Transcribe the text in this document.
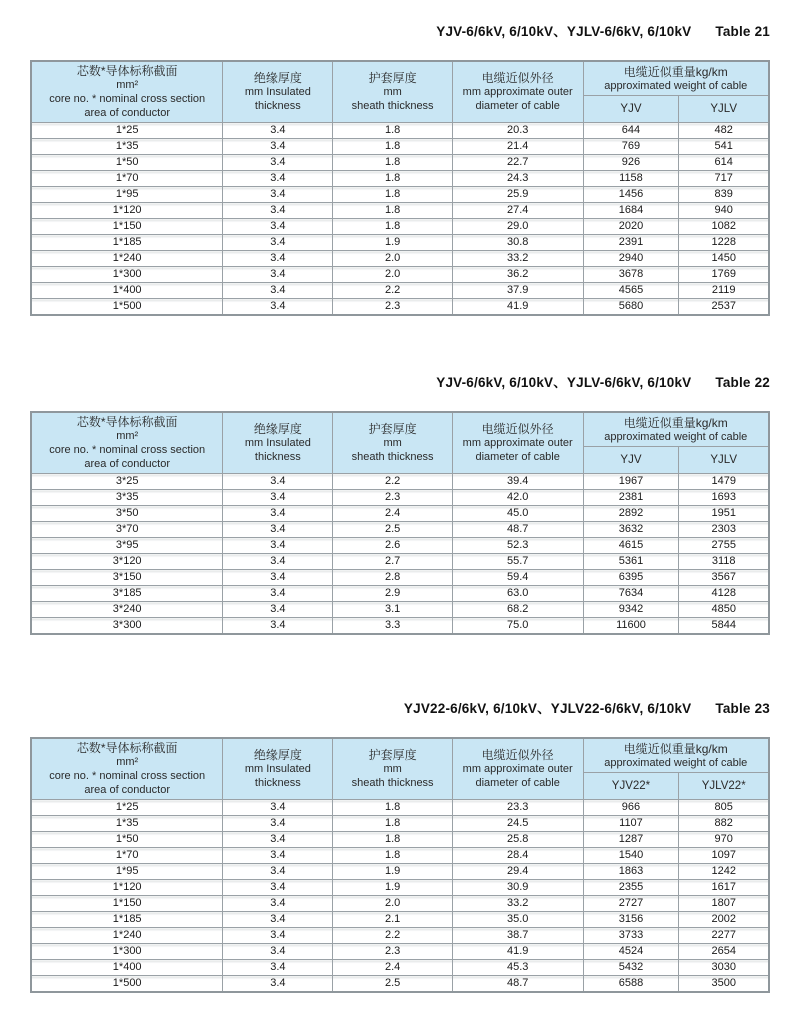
YJV-6/6kV, 6/10kV、YJLV-6/6kV, 6/10kV Table 21
芯数*导体标称截面
mm²
core no. * nominal cross section
area of conductor

绝缘厚度
mm Insulated
thickness

护套厚度
mm
sheath thickness

电缆近似外径
mm approximate outer
diameter of cable

电缆近似重量kg/km
approximated weight of cable

				YJV	YJLV
1*25	3.4	1.8	20.3	644	482
1*35	3.4	1.8	21.4	769	541
1*50	3.4	1.8	22.7	926	614
1*70	3.4	1.8	24.3	1158	717
1*95	3.4	1.8	25.9	1456	839
1*120	3.4	1.8	27.4	1684	940
1*150	3.4	1.8	29.0	2020	1082
1*185	3.4	1.9	30.8	2391	1228
1*240	3.4	2.0	33.2	2940	1450
1*300	3.4	2.0	36.2	3678	1769
1*400	3.4	2.2	37.9	4565	2119
1*500	3.4	2.3	41.9	5680	2537
YJV-6/6kV, 6/10kV、YJLV-6/6kV, 6/10kV Table 22
芯数*导体标称截面
mm²
core no. * nominal cross section
area of conductor

绝缘厚度
mm Insulated
thickness

护套厚度
mm
sheath thickness

电缆近似外径
mm approximate outer
diameter of cable

电缆近似重量kg/km
approximated weight of cable

				YJV	YJLV
3*25	3.4	2.2	39.4	1967	1479
3*35	3.4	2.3	42.0	2381	1693
3*50	3.4	2.4	45.0	2892	1951
3*70	3.4	2.5	48.7	3632	2303
3*95	3.4	2.6	52.3	4615	2755
3*120	3.4	2.7	55.7	5361	3118
3*150	3.4	2.8	59.4	6395	3567
3*185	3.4	2.9	63.0	7634	4128
3*240	3.4	3.1	68.2	9342	4850
3*300	3.4	3.3	75.0	11600	5844
YJV22-6/6kV, 6/10kV、YJLV22-6/6kV, 6/10kV Table 23
芯数*导体标称截面
mm²
core no. * nominal cross section
area of conductor

绝缘厚度
mm Insulated
thickness

护套厚度
mm
sheath thickness

电缆近似外径
mm approximate outer
diameter of cable

电缆近似重量kg/km
approximated weight of cable

				YJV22*	YJLV22*
1*25	3.4	1.8	23.3	966	805
1*35	3.4	1.8	24.5	1107	882
1*50	3.4	1.8	25.8	1287	970
1*70	3.4	1.8	28.4	1540	1097
1*95	3.4	1.9	29.4	1863	1242
1*120	3.4	1.9	30.9	2355	1617
1*150	3.4	2.0	33.2	2727	1807
1*185	3.4	2.1	35.0	3156	2002
1*240	3.4	2.2	38.7	3733	2277
1*300	3.4	2.3	41.9	4524	2654
1*400	3.4	2.4	45.3	5432	3030
1*500	3.4	2.5	48.7	6588	3500
